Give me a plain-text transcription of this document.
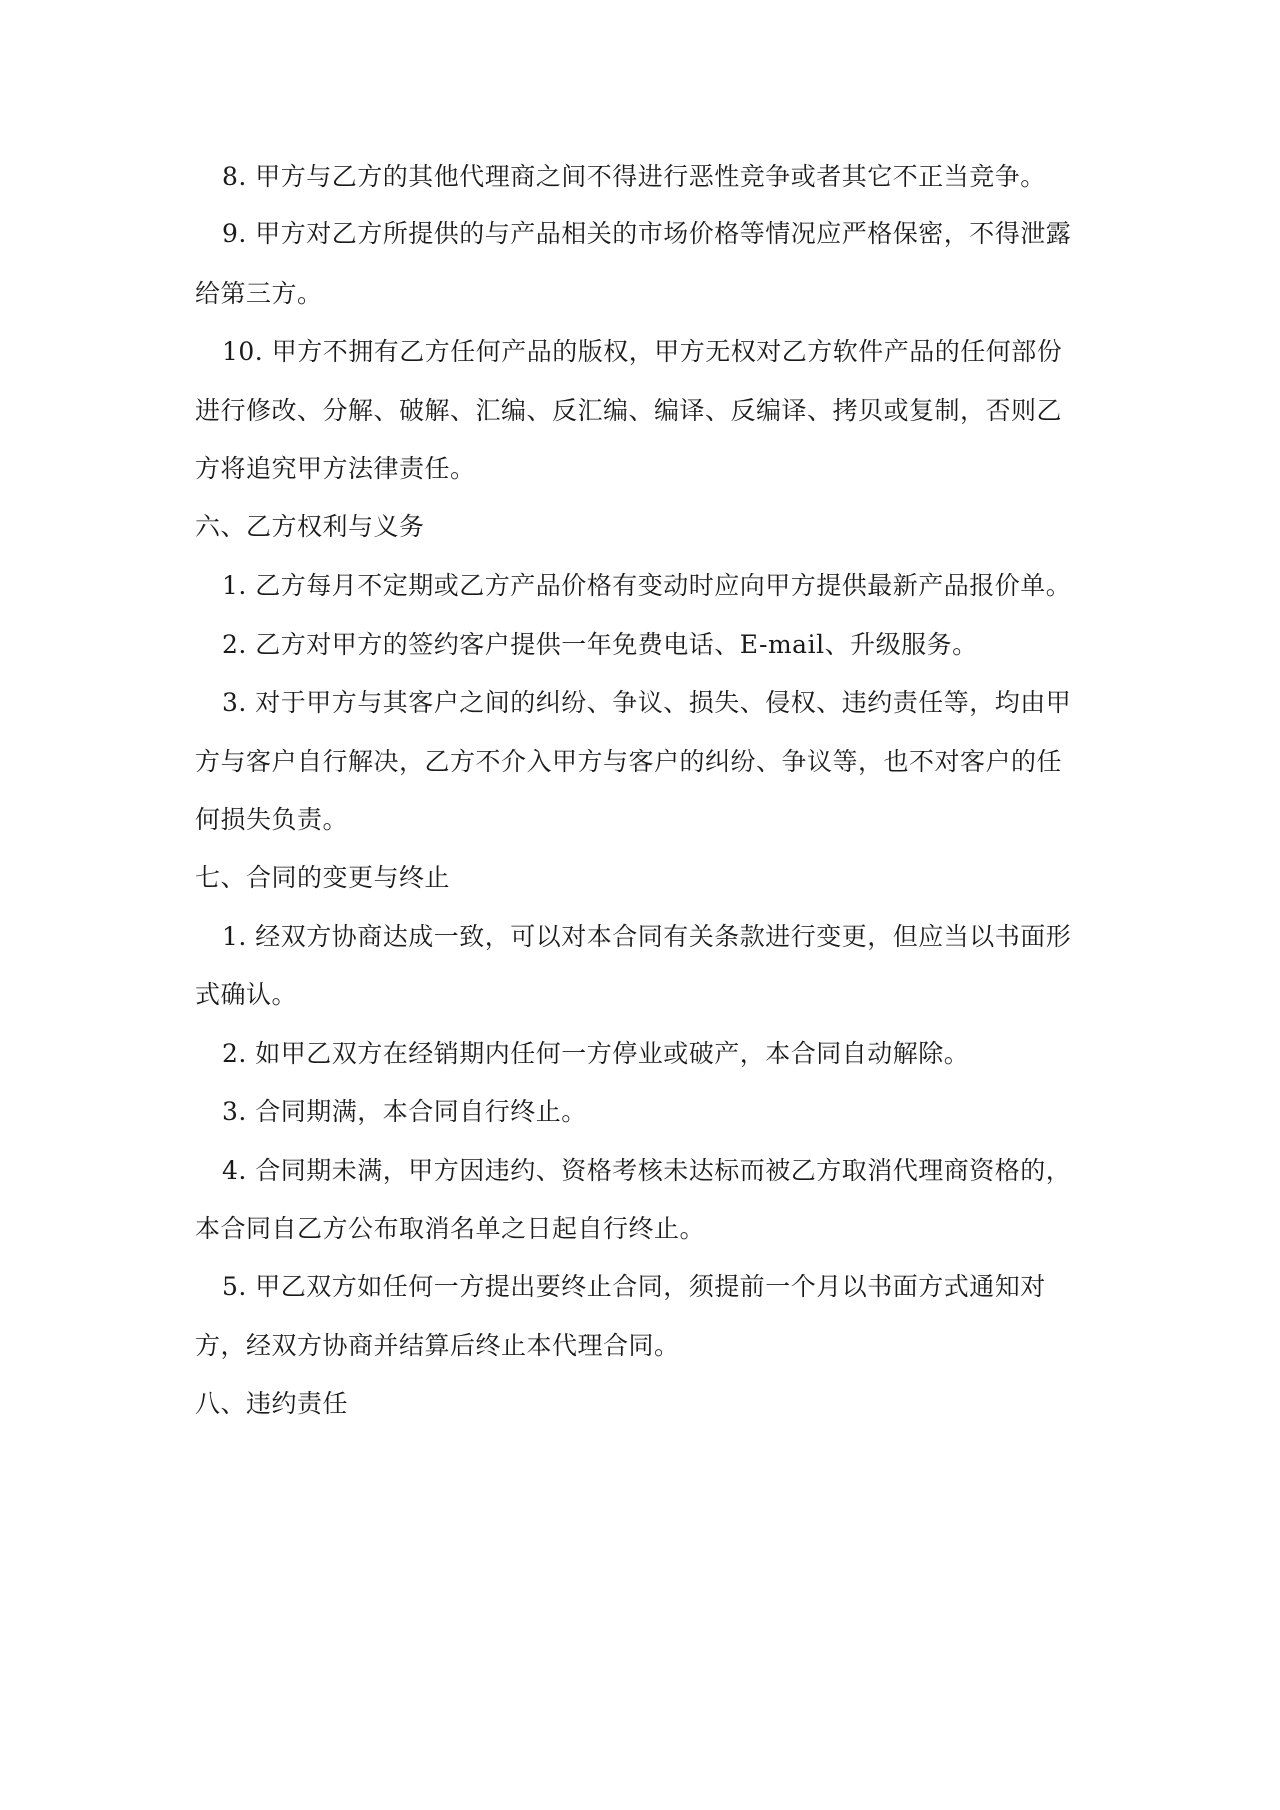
8. 甲方与乙方的其他代理商之间不得进行恶性竞争或者其它不正当竞争。
9. 甲方对乙方所提供的与产品相关的市场价格等情况应严格保密，不得泄露
给第三方。
10. 甲方不拥有乙方任何产品的版权，甲方无权对乙方软件产品的任何部份
进行修改、分解、破解、汇编、反汇编、编译、反编译、拷贝或复制，否则乙
方将追究甲方法律责任。
六、乙方权利与义务
1. 乙方每月不定期或乙方产品价格有变动时应向甲方提供最新产品报价单。
2. 乙方对甲方的签约客户提供一年免费电话、E-mail、升级服务。
3. 对于甲方与其客户之间的纠纷、争议、损失、侵权、违约责任等，均由甲
方与客户自行解决，乙方不介入甲方与客户的纠纷、争议等，也不对客户的任
何损失负责。
七、合同的变更与终止
1. 经双方协商达成一致，可以对本合同有关条款进行变更，但应当以书面形
式确认。
2. 如甲乙双方在经销期内任何一方停业或破产，本合同自动解除。
3. 合同期满，本合同自行终止。
4. 合同期未满，甲方因违约、资格考核未达标而被乙方取消代理商资格的，
本合同自乙方公布取消名单之日起自行终止。
5. 甲乙双方如任何一方提出要终止合同，须提前一个月以书面方式通知对
方，经双方协商并结算后终止本代理合同。
八、违约责任
